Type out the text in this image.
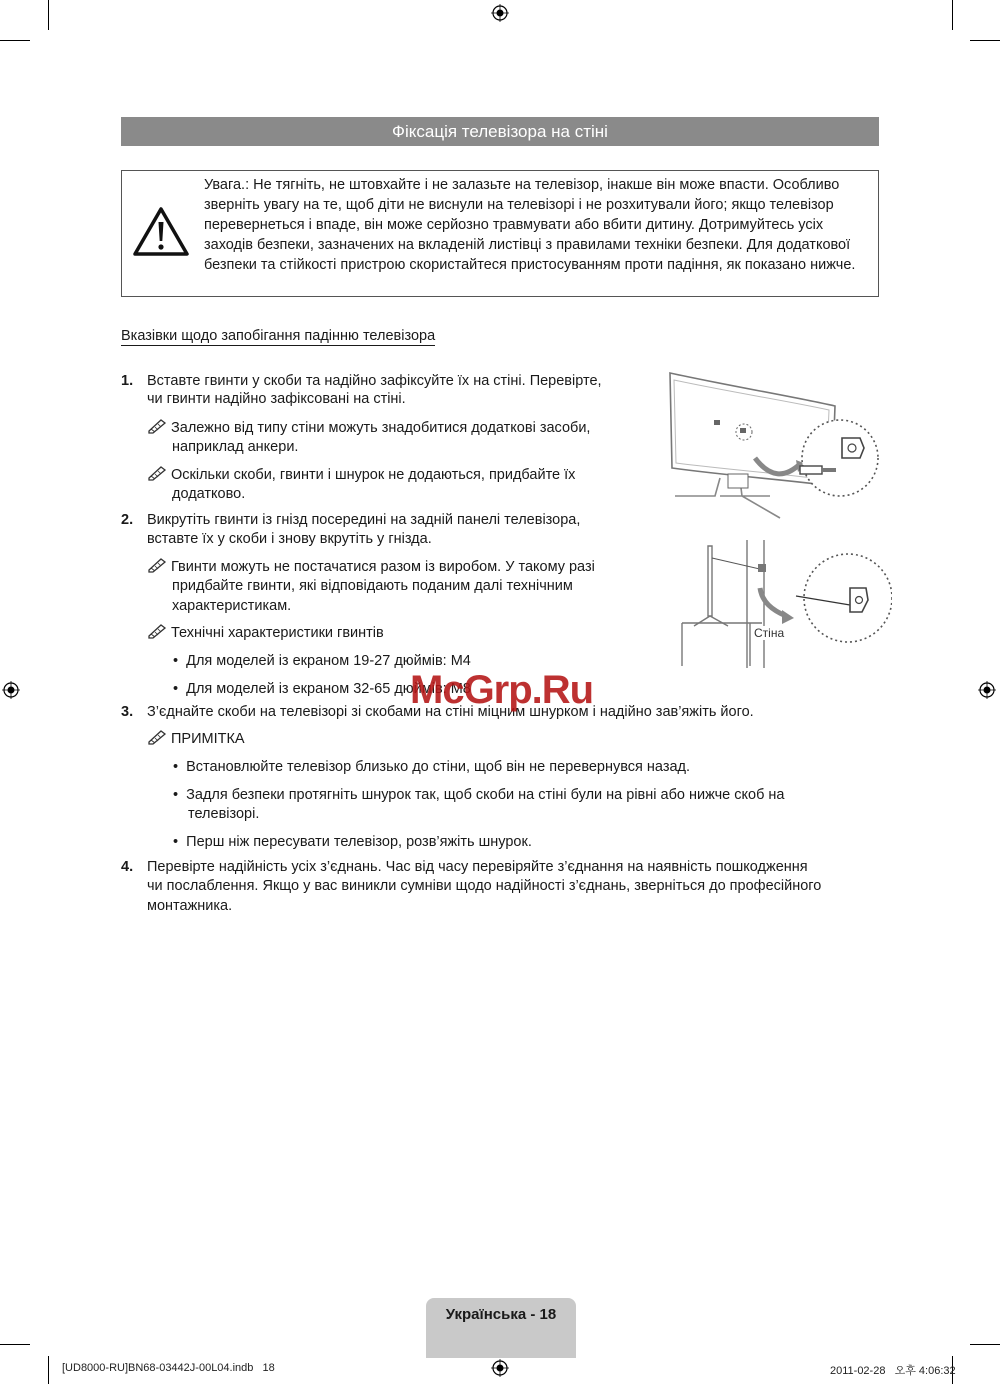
Фіксація телевізора на стіні
Увага.: Не тягніть, не штовхайте і не залазьте на телевізор, інакше він може впасти. Особливо зверніть увагу на те, щоб діти не виснули на телевізорі і не розхитували його; якщо телевізор перевернеться і впаде, він може серйозно травмувати або вбити дитину. Дотримуйтесь усіх заходів безпеки, зазначених на вкладеній листівці з правилами техніки безпеки. Для додаткової безпеки та стійкості пристрою скористайтеся пристосуванням проти падіння, як показано нижче.
Вказівки щодо запобігання падінню телевізора
1. Вставте гвинти у скоби та надійно зафіксуйте їх на стіні. Перевірте,
чи гвинти надійно зафіксовані на стіні.
Залежно від типу стіни можуть знадобитися додаткові засоби,
наприклад анкери.
Оскільки скоби, гвинти і шнурок не додаються, придбайте їх
додатково.
2. Викрутіть гвинти із гнізд посередині на задній панелі телевізора,
вставте їх у скоби і знову вкрутіть у гнізда.
Гвинти можуть не постачатися разом із виробом. У такому разі
придбайте гвинти, які відповідають поданим далі технічним
характеристикам.
Технічні характеристики гвинтів
•  Для моделей із екраном 19-27 дюймів: M4
•  Для моделей із екраном 32-65 дюймів: M8
3. З’єднайте скоби на телевізорі зі скобами на стіні міцним шнурком і надійно зав’яжіть його.
ПРИМІТКА
•  Встановлюйте телевізор близько до стіни, щоб він не перевернувся назад.
•  Задля безпеки протягніть шнурок так, щоб скоби на стіні були на рівні або нижче скоб на
телевізорі.
•  Перш ніж пересувати телевізор, розв’яжіть шнурок.
4. Перевірте надійність усіх з’єднань. Час від часу перевіряйте з’єднання на наявність пошкодження
чи послаблення. Якщо у вас виникли сумніви щодо надійності з’єднань, зверніться до професійного
монтажника.
Стіна
McGrp.Ru
Українська - 18
[UD8000-RU]BN68-03442J-00L04.indb   18	2011-02-28   오후 4:06:32
